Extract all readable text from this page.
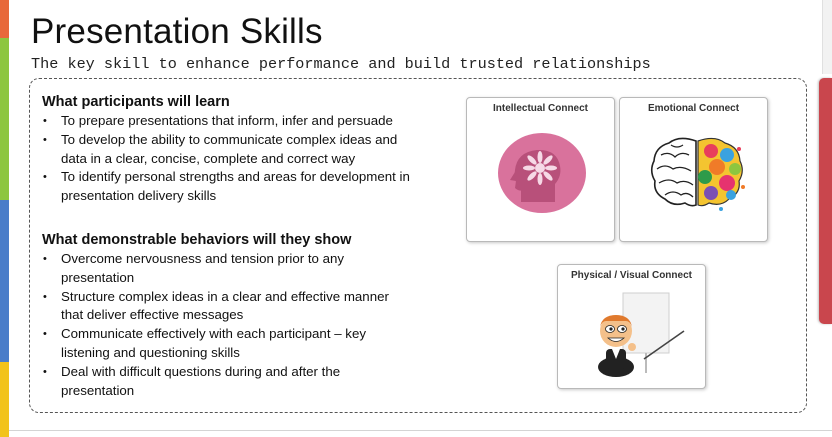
Presentation Skills
The key skill to enhance performance and build trusted relationships
What participants will learn
• To prepare presentations that inform, infer and persuade
• To develop the ability to communicate complex ideas and data in a clear, concise, complete and correct way
• To identify personal strengths and areas for development in presentation delivery skills
What demonstrable behaviors will they show
• Overcome nervousness and tension prior to any presentation
• Structure complex ideas in a clear and effective manner that deliver effective messages
• Communicate effectively with each participant – key listening and questioning skills
• Deal with difficult questions during and after the presentation
Intellectual Connect	Emotional Connect
Physical / Visual Connect
